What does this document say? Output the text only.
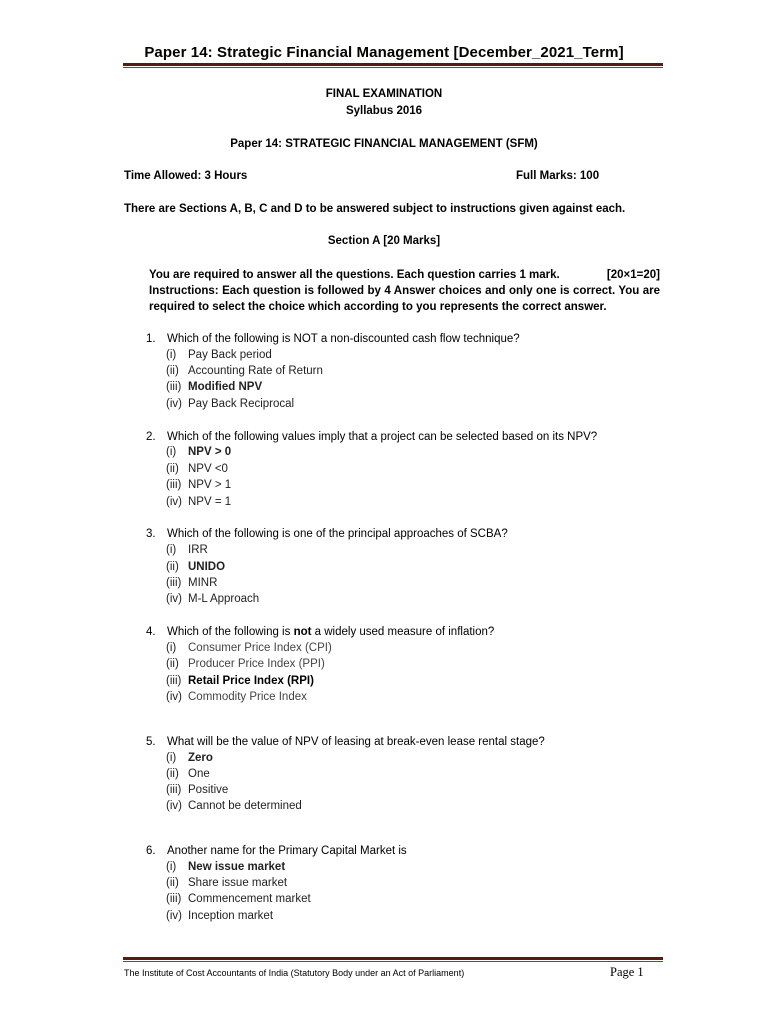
Paper 14: Strategic Financial Management [December_2021_Term]
FINAL EXAMINATION
Syllabus 2016
Paper 14: STRATEGIC FINANCIAL MANAGEMENT (SFM)
Time Allowed: 3 Hours	Full Marks: 100
There are Sections A, B, C and D to be answered subject to instructions given against each.
Section A [20 Marks]
You are required to answer all the questions. Each question carries 1 mark.	[20×1=20]
Instructions: Each question is followed by 4 Answer choices and only one is correct. You are required to select the choice which according to you represents the correct answer.
1. Which of the following is NOT a non-discounted cash flow technique?
(i) Pay Back period
(ii) Accounting Rate of Return
(iii) Modified NPV
(iv) Pay Back Reciprocal
2. Which of the following values imply that a project can be selected based on its NPV?
(i) NPV > 0
(ii) NPV <0
(iii) NPV > 1
(iv) NPV = 1
3. Which of the following is one of the principal approaches of SCBA?
(i) IRR
(ii) UNIDO
(iii) MINR
(iv) M-L Approach
4. Which of the following is not a widely used measure of inflation?
(i) Consumer Price Index (CPI)
(ii) Producer Price Index (PPI)
(iii) Retail Price Index (RPI)
(iv) Commodity Price Index
5. What will be the value of NPV of leasing at break-even lease rental stage?
(i) Zero
(ii) One
(iii) Positive
(iv) Cannot be determined
6. Another name for the Primary Capital Market is
(i) New issue market
(ii) Share issue market
(iii) Commencement market
(iv) Inception market
The Institute of Cost Accountants of India (Statutory Body under an Act of Parliament)	Page 1
